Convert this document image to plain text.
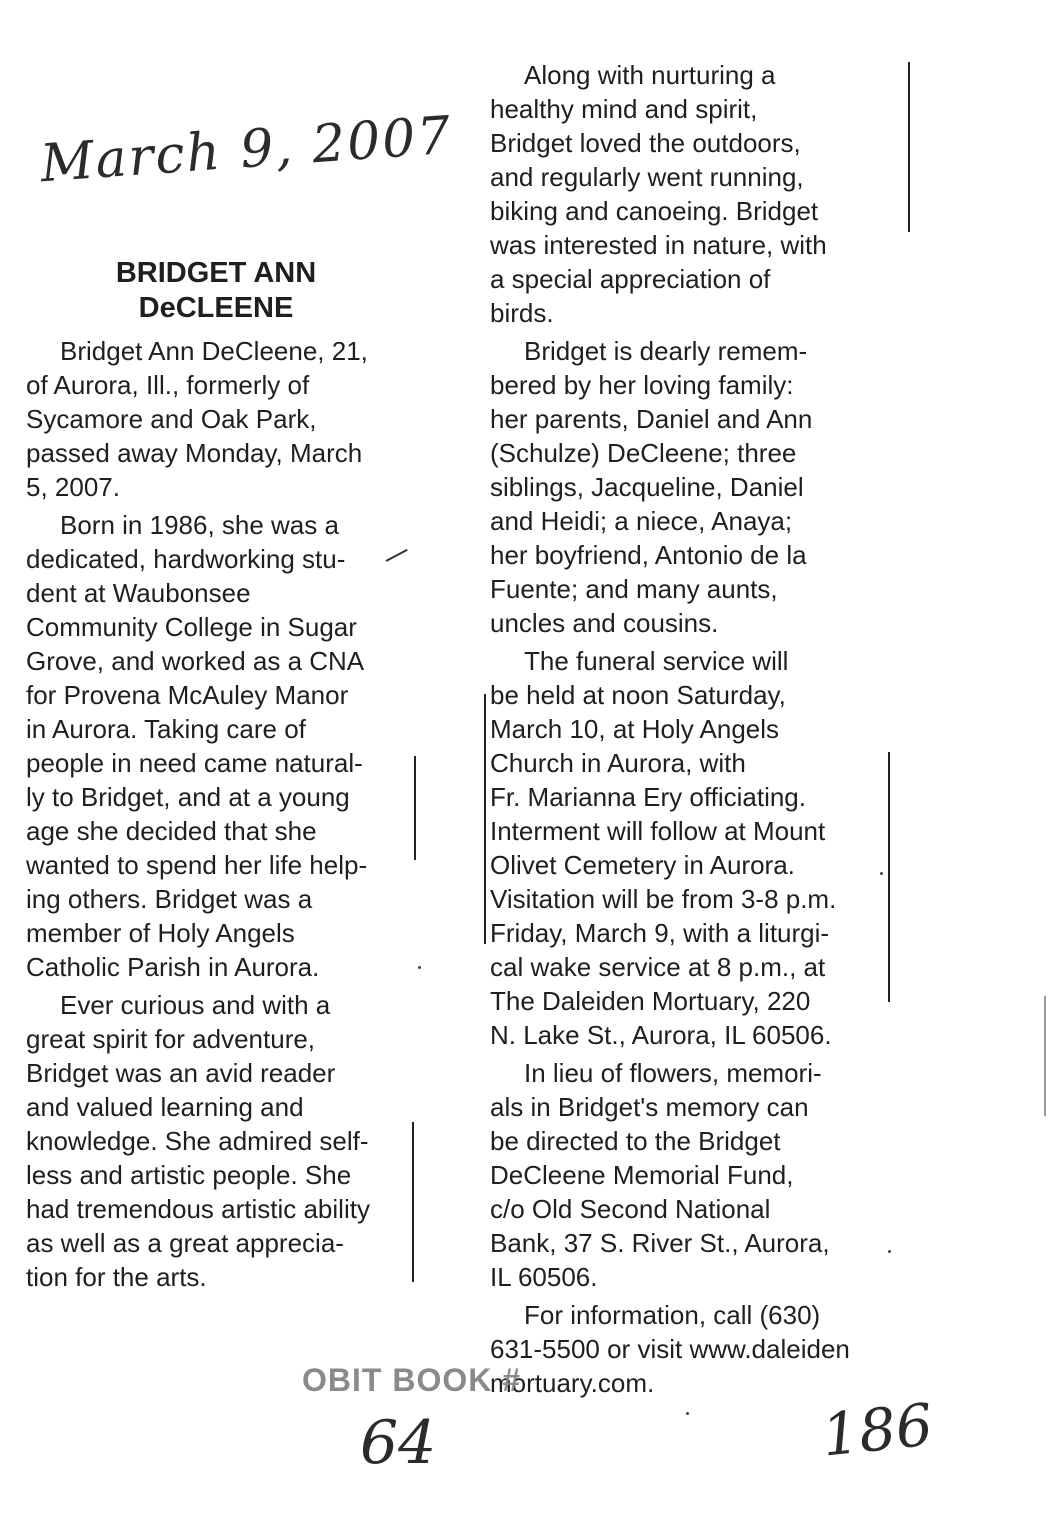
March 9, 2007
BRIDGET ANN
DeCLEENE
Bridget Ann DeCleene, 21,
of Aurora, Ill., formerly of
Sycamore and Oak Park,
passed away Monday, March
5, 2007.
Born in 1986, she was a
dedicated, hardworking stu-
dent at Waubonsee
Community College in Sugar
Grove, and worked as a CNA
for Provena McAuley Manor
in Aurora. Taking care of
people in need came natural-
ly to Bridget, and at a young
age she decided that she
wanted to spend her life help-
ing others. Bridget was a
member of Holy Angels
Catholic Parish in Aurora.
Ever curious and with a
great spirit for adventure,
Bridget was an avid reader
and valued learning and
knowledge. She admired self-
less and artistic people. She
had tremendous artistic ability
as well as a great apprecia-
tion for the arts.
Along with nurturing a
healthy mind and spirit,
Bridget loved the outdoors,
and regularly went running,
biking and canoeing. Bridget
was interested in nature, with
a special appreciation of
birds.
Bridget is dearly remem-
bered by her loving family:
her parents, Daniel and Ann
(Schulze) DeCleene; three
siblings, Jacqueline, Daniel
and Heidi; a niece, Anaya;
her boyfriend, Antonio de la
Fuente; and many aunts,
uncles and cousins.
The funeral service will
be held at noon Saturday,
March 10, at Holy Angels
Church in Aurora, with
Fr. Marianna Ery officiating.
Interment will follow at Mount
Olivet Cemetery in Aurora.
Visitation will be from 3-8 p.m.
Friday, March 9, with a liturgi-
cal wake service at 8 p.m., at
The Daleiden Mortuary, 220
N. Lake St., Aurora, IL 60506.
In lieu of flowers, memori-
als in Bridget's memory can
be directed to the Bridget
DeCleene Memorial Fund,
c/o Old Second National
Bank, 37 S. River St., Aurora,
IL 60506.
For information, call (630)
631-5500 or visit www.daleiden
mortuary.com.
OBIT BOOK #
64	186
